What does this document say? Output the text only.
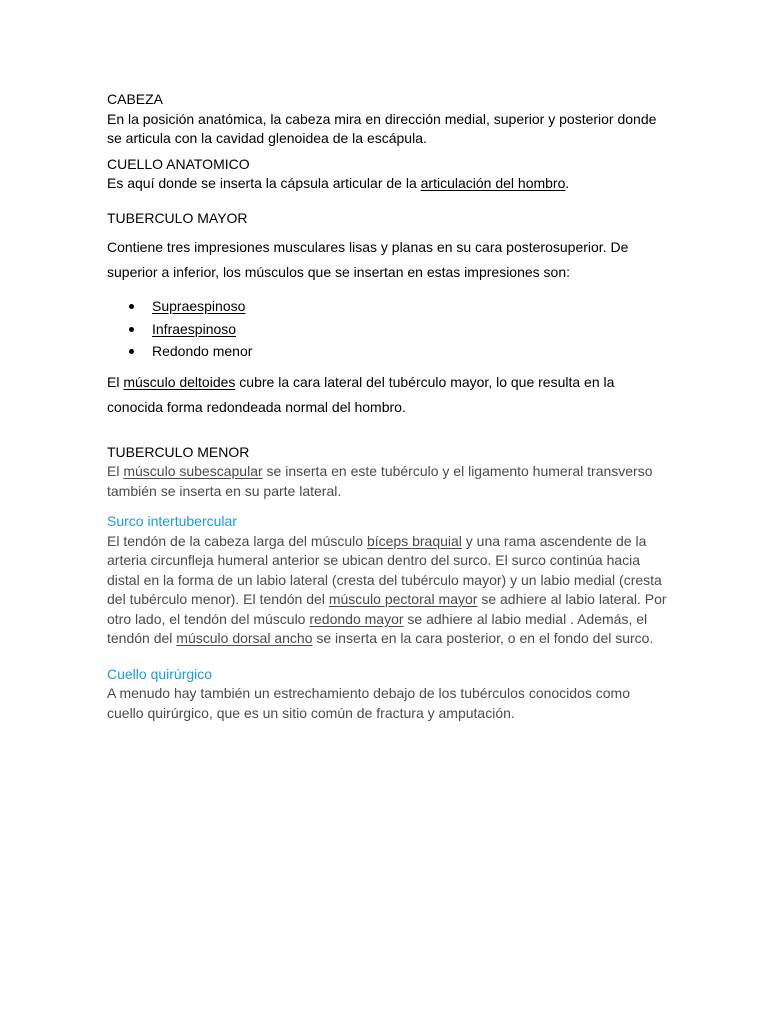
CABEZA
En la posición anatómica, la cabeza mira en dirección medial, superior y posterior donde se articula con la cavidad glenoidea de la escápula.
CUELLO ANATOMICO
Es aquí donde se inserta la cápsula articular de la articulación del hombro.
TUBERCULO MAYOR
Contiene tres impresiones musculares lisas y planas en su cara posterosuperior. De superior a inferior, los músculos que se insertan en estas impresiones son:
Supraespinoso
Infraespinoso
Redondo menor
El músculo deltoides cubre la cara lateral del tubérculo mayor, lo que resulta en la conocida forma redondeada normal del hombro.
TUBERCULO MENOR
El músculo subescapular se inserta en este tubérculo y el ligamento humeral transverso también se inserta en su parte lateral.
Surco intertubercular
El tendón de la cabeza larga del músculo bíceps braquial y una rama ascendente de la arteria circunfleja humeral anterior se ubican dentro del surco. El surco continúa hacia distal en la forma de un labio lateral (cresta del tubérculo mayor) y un labio medial (cresta del tubérculo menor). El tendón del músculo pectoral mayor se adhiere al labio lateral. Por otro lado, el tendón del músculo redondo mayor se adhiere al labio medial . Además, el tendón del músculo dorsal ancho se inserta en la cara posterior, o en el fondo del surco.
Cuello quirúrgico
A menudo hay también un estrechamiento debajo de los tubérculos conocidos como cuello quirúrgico, que es un sitio común de fractura y amputación.
